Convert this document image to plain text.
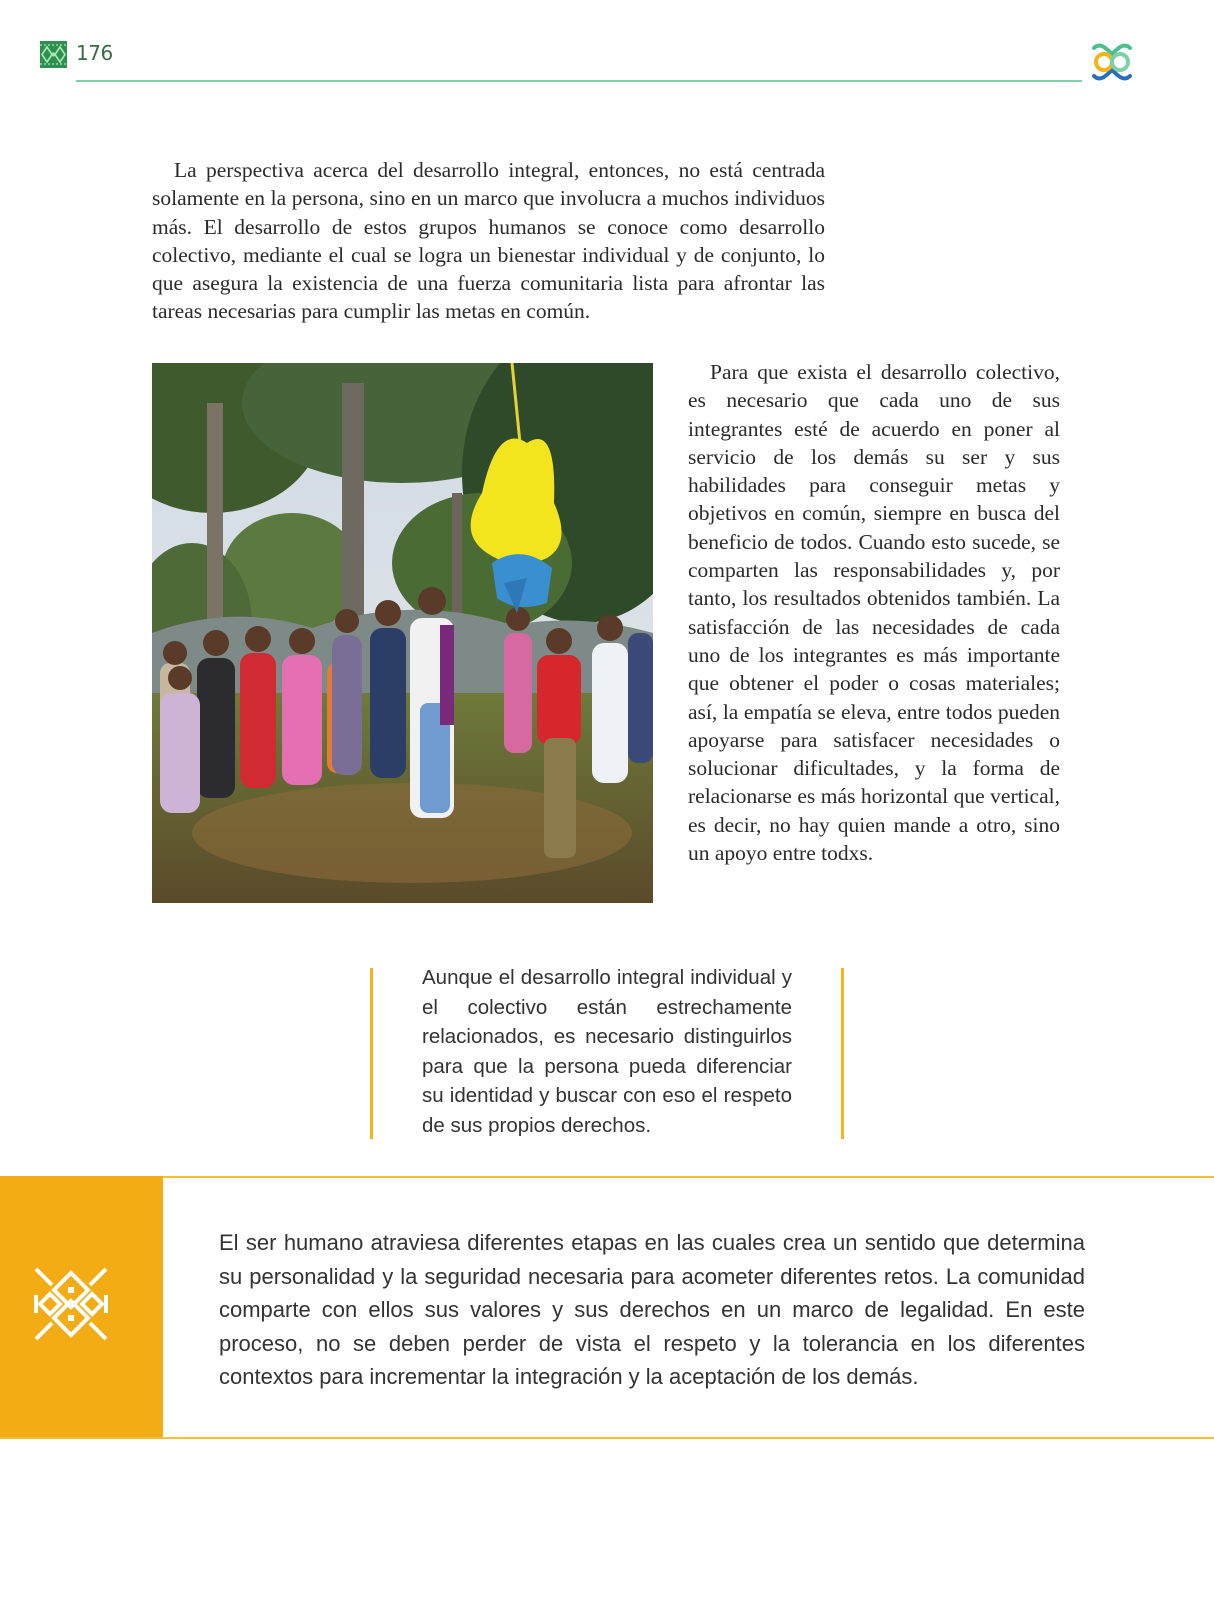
176

La perspectiva acerca del desarrollo integral, entonces, no está centrada solamente en la persona, sino en un marco que involucra a muchos individuos más. El desarrollo de estos grupos humanos se conoce como desarrollo colectivo, mediante el cual se logra un bienestar individual y de conjunto, lo que asegura la existencia de una fuerza comunitaria lista para afrontar las tareas necesarias para cumplir las metas en común.

Para que exista el desarrollo colectivo, es necesario que cada uno de sus integrantes esté de acuerdo en poner al servicio de los demás su ser y sus habilidades para conseguir metas y objetivos en común, siempre en busca del beneficio de todos. Cuando esto sucede, se comparten las responsabilidades y, por tanto, los resultados obtenidos también. La satisfacción de las necesidades de cada uno de los integrantes es más importante que obtener el poder o cosas materiales; así, la empatía se eleva, entre todos pueden apoyarse para satisfacer necesidades o solucionar dificultades, y la forma de relacionarse es más horizontal que vertical, es decir, no hay quien mande a otro, sino un apoyo entre todxs.

Aunque el desarrollo integral individual y el colectivo están estrechamente relacionados, es necesario distinguirlos para que la persona pueda diferenciar su identidad y buscar con eso el respeto de sus propios derechos.

El ser humano atraviesa diferentes etapas en las cuales crea un sentido que determina su personalidad y la seguridad necesaria para acometer diferentes retos. La comunidad comparte con ellos sus valores y sus derechos en un marco de legalidad. En este proceso, no se deben perder de vista el respeto y la tolerancia en los diferentes contextos para incrementar la integración y la aceptación de los demás.
